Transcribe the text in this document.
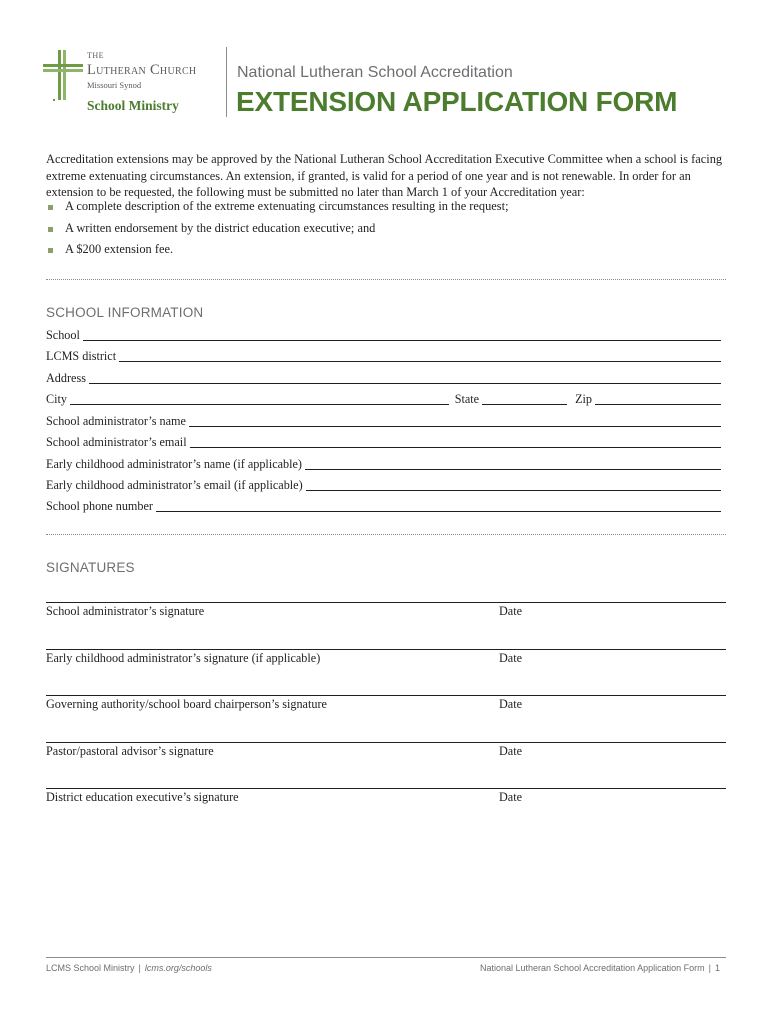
THE
Lutheran Church
Missouri Synod
School Ministry
National Lutheran School Accreditation
EXTENSION APPLICATION FORM
Accreditation extensions may be approved by the National Lutheran School Accreditation Executive Committee when a school is facing extreme extenuating circumstances. An extension, if granted, is valid for a period of one year and is not renewable. In order for an extension to be requested, the following must be submitted no later than March 1 of your Accreditation year:
A complete description of the extreme extenuating circumstances resulting in the request;
A written endorsement by the district education executive; and
A $200 extension fee.
SCHOOL INFORMATION
School
LCMS district
Address
City	State	Zip
School administrator’s name
School administrator’s email
Early childhood administrator’s name (if applicable)
Early childhood administrator’s email (if applicable)
School phone number
SIGNATURES
School administrator’s signature	Date
Early childhood administrator’s signature (if applicable)	Date
Governing authority/school board chairperson’s signature	Date
Pastor/pastoral advisor’s signature	Date
District education executive’s signature	Date
LCMS School Ministry | lcms.org/schools	National Lutheran School Accreditation Application Form | 1
